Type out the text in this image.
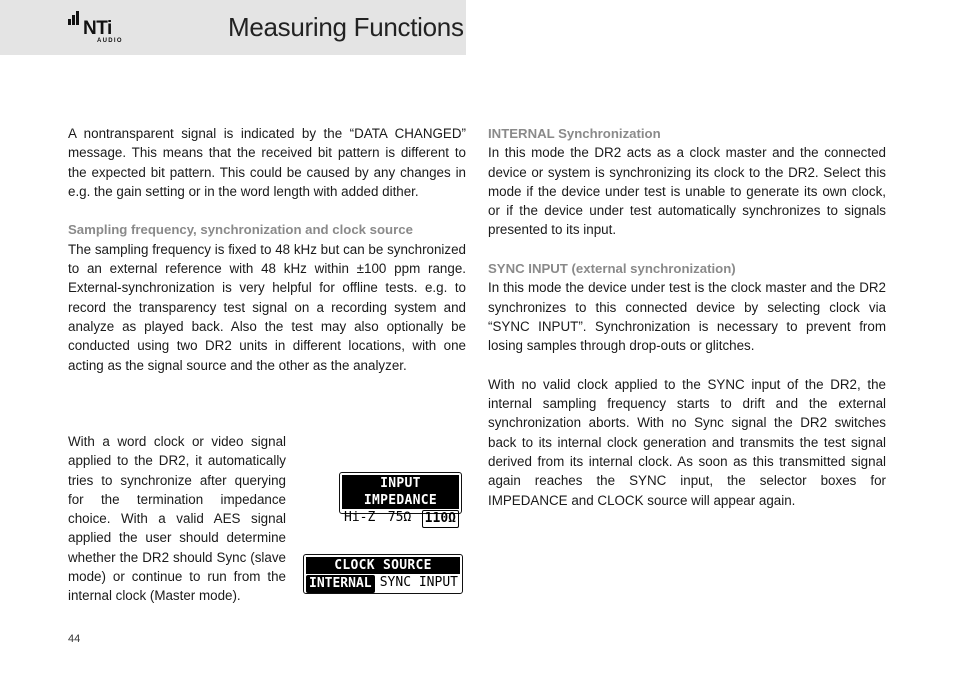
NTi
AUDIO	Measuring Functions

A nontransparent signal is indicated by the “DATA CHANGED” message. This means that the received bit pattern is different to the expected bit pattern. This could be caused by any changes in e.g. the gain setting or in the word length with added dither.

Sampling frequency, synchronization and clock source

The sampling frequency is fixed to 48 kHz but can be synchronized to an external reference with 48 kHz within ±100 ppm range. External-synchronization is very helpful for offline tests. e.g. to record the transparency test signal on a recording system and analyze as played back. Also the test may also optionally be conducted using two DR2 units in different locations, with one acting as the signal source and the other as the analyzer.

With a word clock or video signal applied to the DR2, it automatically tries to synchronize after querying for the termination impedance choice. With a valid AES signal applied the user should determine whether the DR2 should Sync (slave mode) or continue to run from the internal clock (Master mode).

INPUT IMPEDANCE
Hi-Z 75Ω 110Ω
CLOCK SOURCE
INTERNAL SYNC INPUT

INTERNAL Synchronization

In this mode the DR2 acts as a clock master and the connected device or system is synchronizing its clock to the DR2. Select this mode if the device under test is unable to generate its own clock, or if the device under test automatically synchronizes to signals presented to its input.

SYNC INPUT (external synchronization)

In this mode the device under test is the clock master and the DR2 synchronizes to this connected device by selecting clock via “SYNC INPUT”. Synchronization is necessary to prevent from losing samples through drop-outs or glitches.

With no valid clock applied to the SYNC input of the DR2, the internal sampling frequency starts to drift and the external synchronization aborts. With no Sync signal the DR2 switches back to its internal clock generation and transmits the test signal derived from its internal clock. As soon as this transmitted signal again reaches the SYNC input, the selector boxes for IMPEDANCE and CLOCK source will appear again.

44
